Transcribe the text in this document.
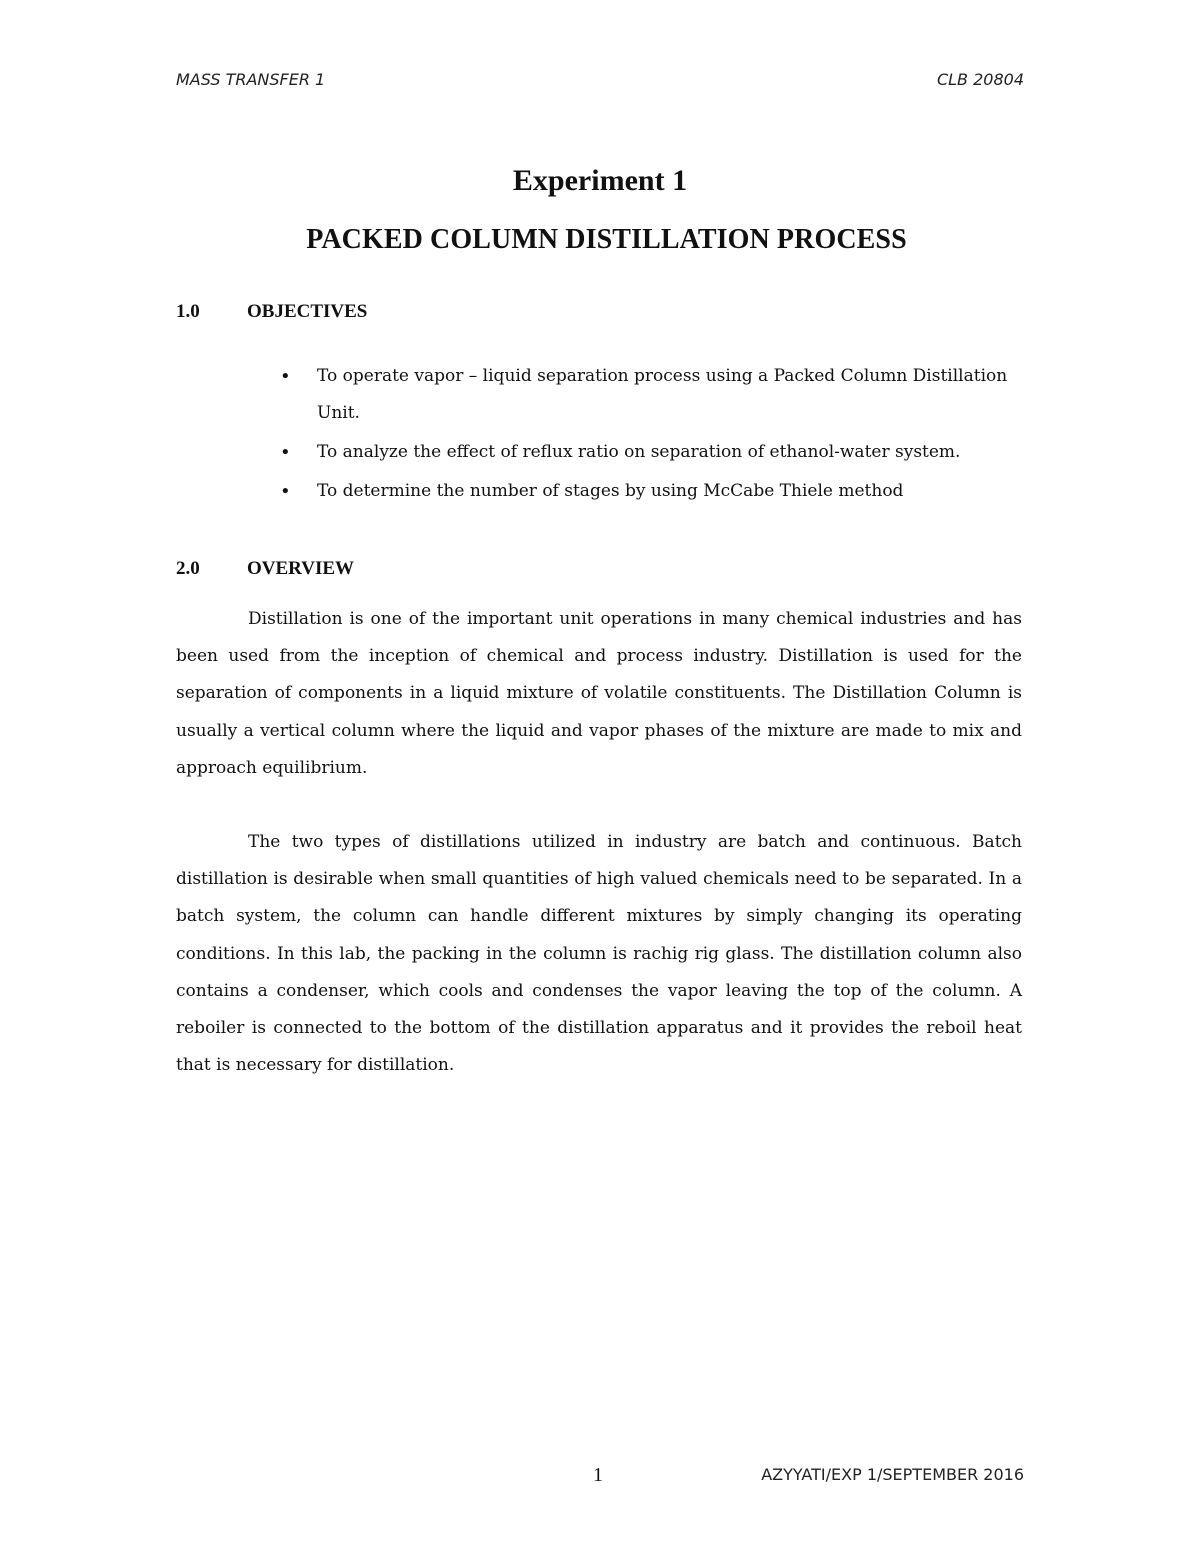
MASS TRANSFER 1	CLB 20804
Experiment 1
PACKED COLUMN DISTILLATION PROCESS
1.0 OBJECTIVES
• To operate vapor – liquid separation process using a Packed Column Distillation Unit.
• To analyze the effect of reflux ratio on separation of ethanol-water system.
• To determine the number of stages by using McCabe Thiele method
2.0 OVERVIEW

Distillation is one of the important unit operations in many chemical industries and has been used from the inception of chemical and process industry. Distillation is used for the separation of components in a liquid mixture of volatile constituents. The Distillation Column is usually a vertical column where the liquid and vapor phases of the mixture are made to mix and approach equilibrium.

The two types of distillations utilized in industry are batch and continuous. Batch distillation is desirable when small quantities of high valued chemicals need to be separated. In a batch system, the column can handle different mixtures by simply changing its operating conditions. In this lab, the packing in the column is rachig rig glass. The distillation column also contains a condenser, which cools and condenses the vapor leaving the top of the column. A reboiler is connected to the bottom of the distillation apparatus and it provides the reboil heat that is necessary for distillation.

1	AZYYATI/EXP 1/SEPTEMBER 2016
